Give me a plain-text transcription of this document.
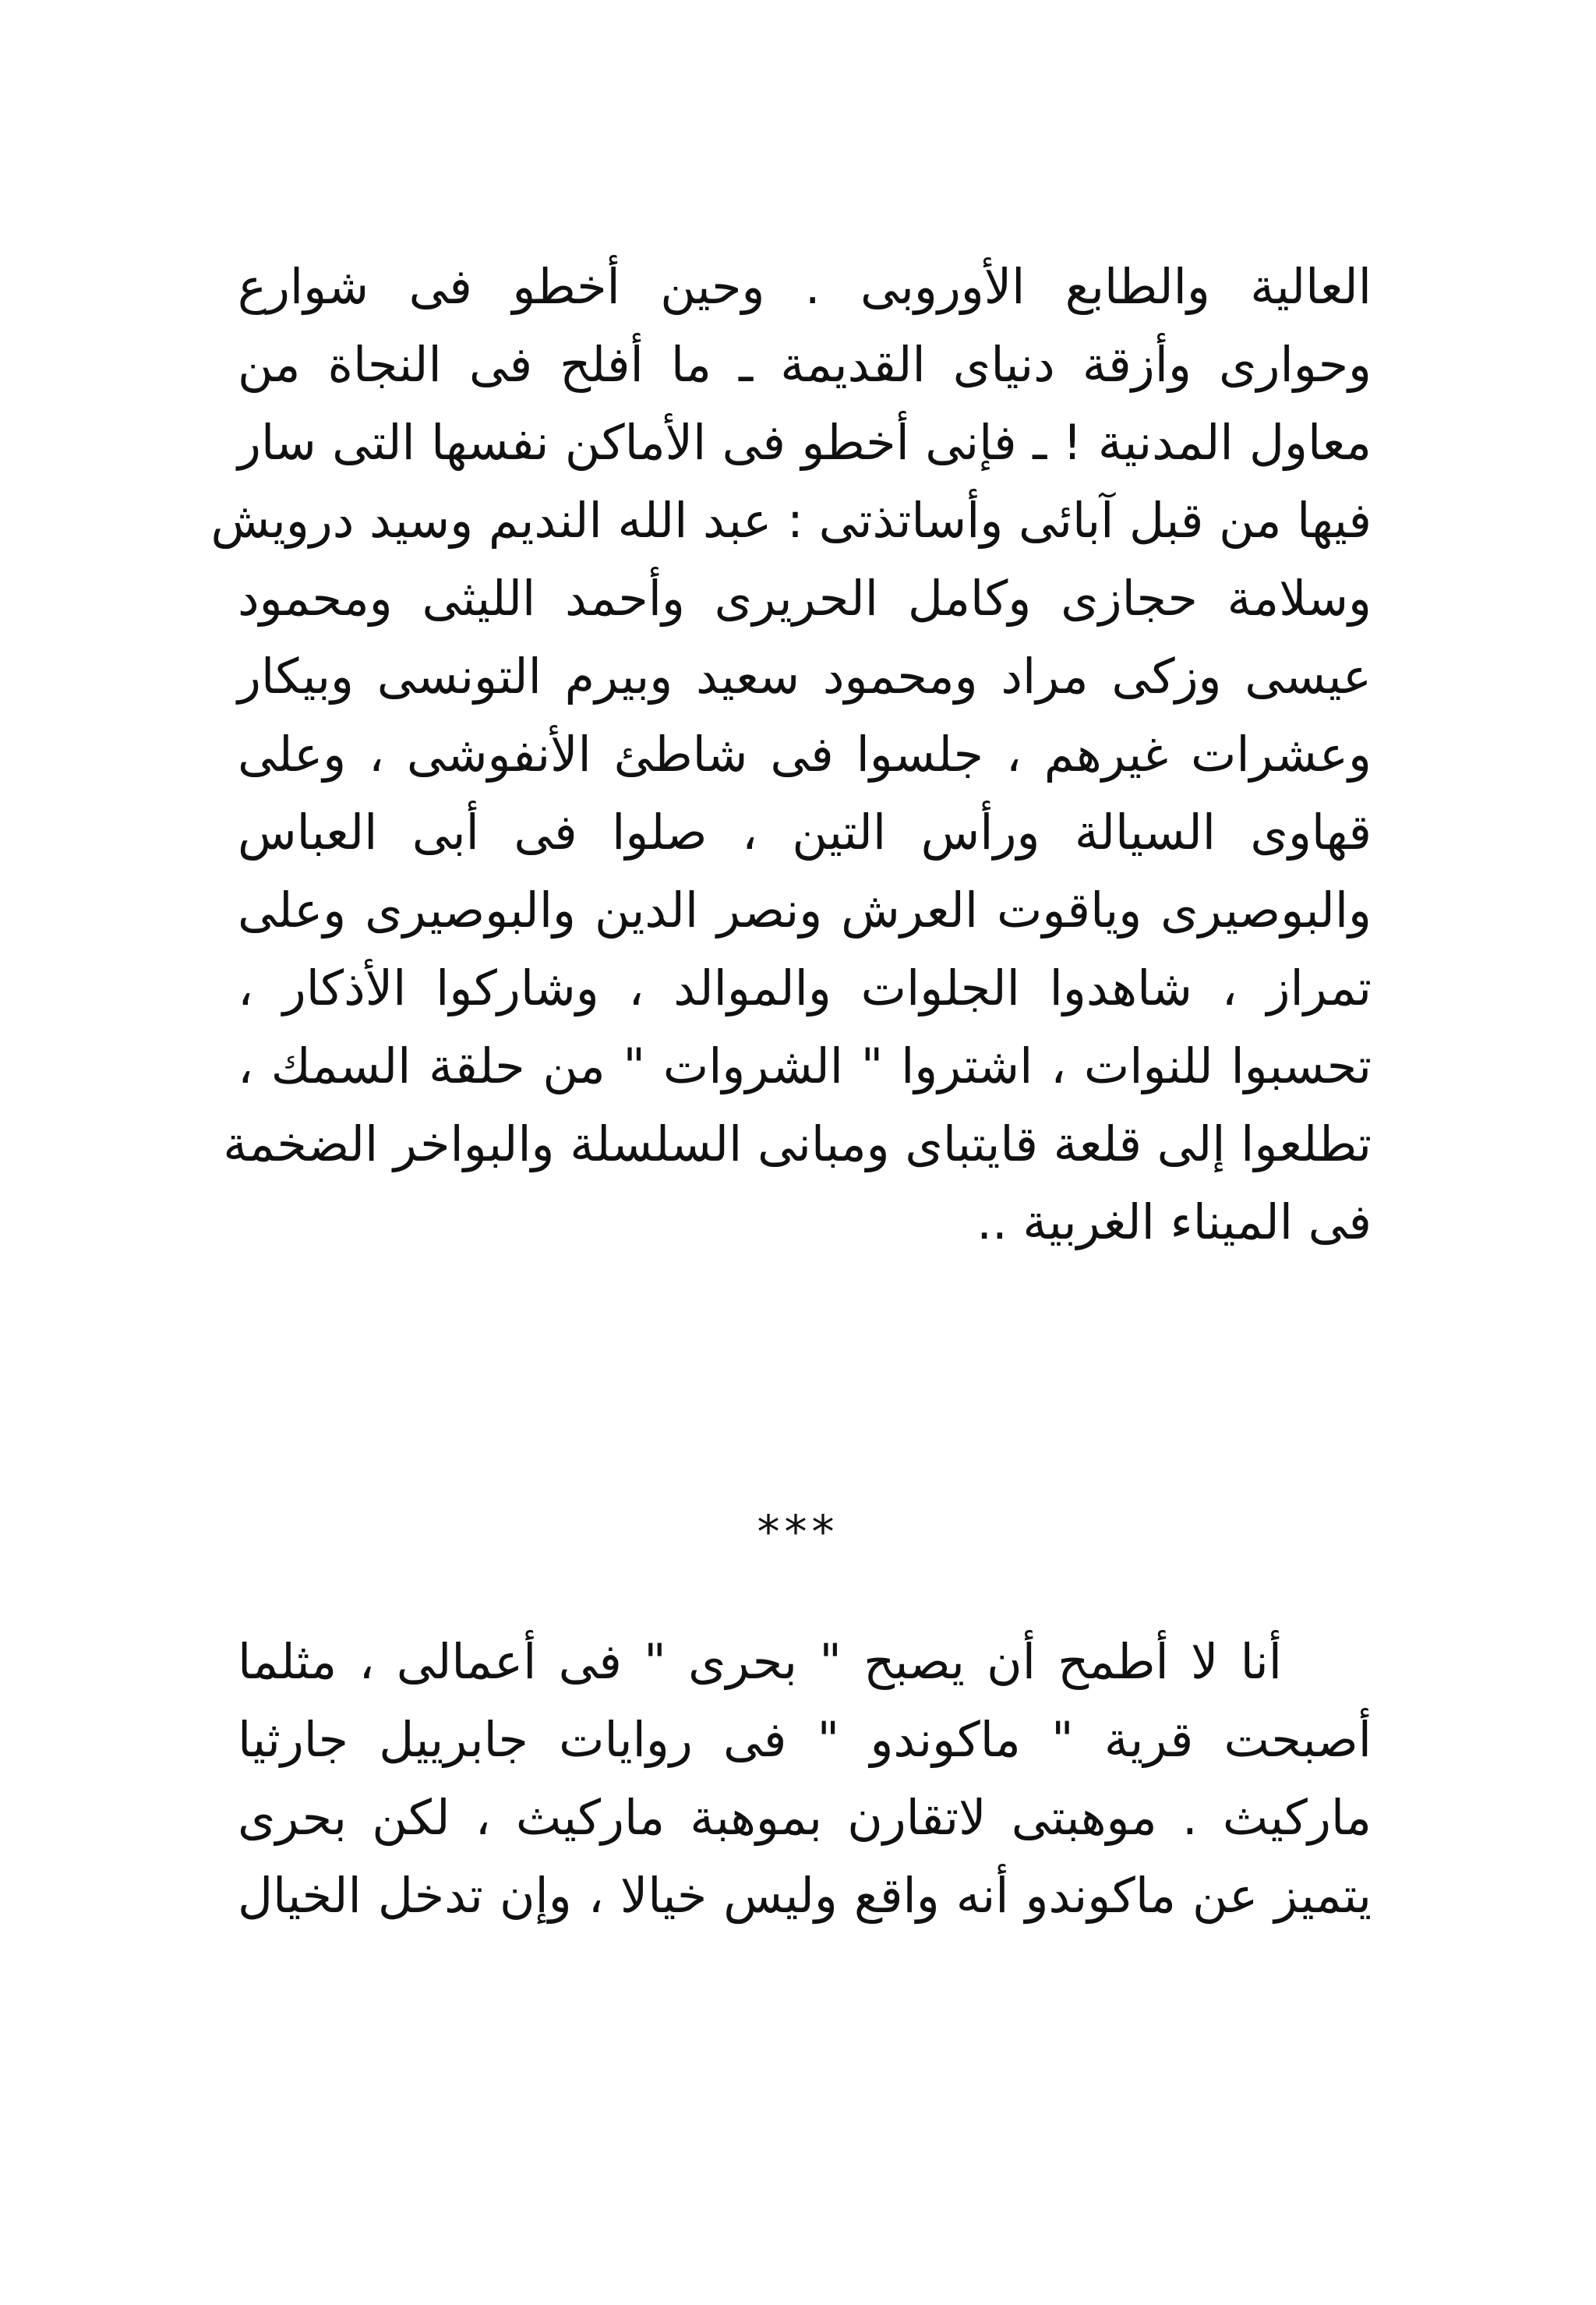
العالية والطابع الأوروبى . وحين أخطو فى شوارع
وحوارى وأزقة دنياى القديمة ـ ما أفلح فى النجاة من
معاول المدنية ! ـ فإنى أخطو فى الأماكن نفسها التى سار
فيها من قبل آبائى وأساتذتى : عبد الله النديم وسيد درويش
وسلامة حجازى وكامل الحريرى وأحمد الليثى ومحمود
عيسى وزكى مراد ومحمود سعيد وبيرم التونسى وبيكار
وعشرات غيرهم ، جلسوا فى شاطئ الأنفوشى ، وعلى
قهاوى السيالة ورأس التين ، صلوا فى أبى العباس
والبوصيرى وياقوت العرش ونصر الدين والبوصيرى وعلى
تمراز ، شاهدوا الجلوات والموالد ، وشاركوا الأذكار ،
تحسبوا للنوات ، اشتروا " الشروات " من حلقة السمك ،
تطلعوا إلى قلعة قايتباى ومبانى السلسلة والبواخر الضخمة
فى الميناء الغربية ..
***
أنا لا أطمح أن يصبح " بحرى " فى أعمالى ، مثلما
أصبحت قرية " ماكوندو " فى روايات جابرييل جارثيا
ماركيث . موهبتى لاتقارن بموهبة ماركيث ، لكن بحرى
يتميز عن ماكوندو أنه واقع وليس خيالا ، وإن تدخل الخيال
